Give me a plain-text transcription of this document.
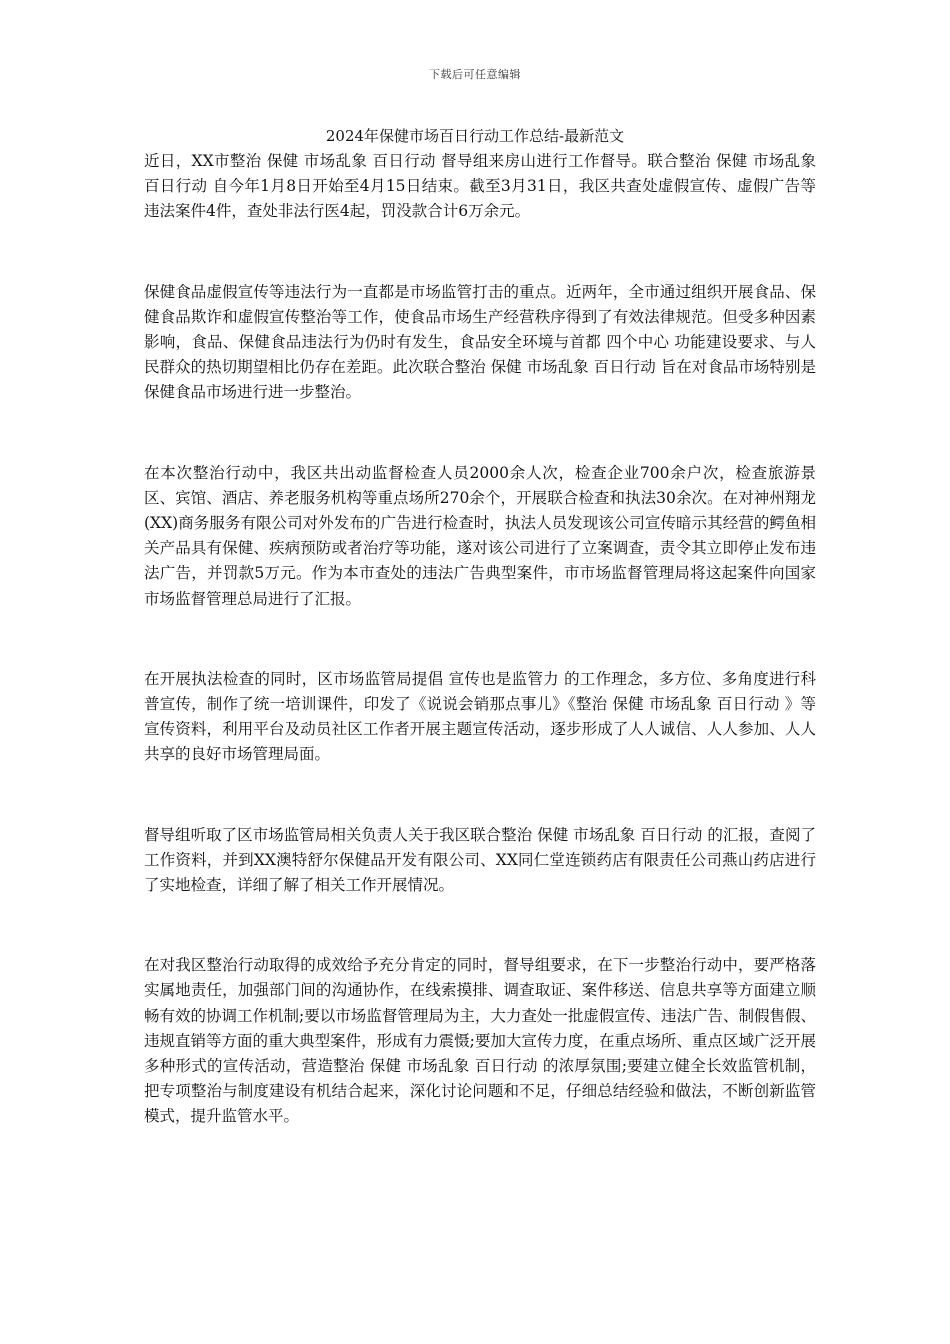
下载后可任意编辑
2024年保健市场百日行动工作总结-最新范文

近日，XX市整治 保健 市场乱象 百日行动 督导组来房山进行工作督导。联合整治 保健 市场乱象 百日行动 自今年1月8日开始至4月15日结束。截至3月31日，我区共查处虚假宣传、虚假广告等违法案件4件，查处非法行医4起，罚没款合计6万余元。

保健食品虚假宣传等违法行为一直都是市场监管打击的重点。近两年，全市通过组织开展食品、保健食品欺诈和虚假宣传整治等工作，使食品市场生产经营秩序得到了有效法律规范。但受多种因素影响，食品、保健食品违法行为仍时有发生，食品安全环境与首都 四个中心 功能建设要求、与人民群众的热切期望相比仍存在差距。此次联合整治 保健 市场乱象 百日行动 旨在对食品市场特别是保健食品市场进行进一步整治。

在本次整治行动中，我区共出动监督检查人员2000余人次，检查企业700余户次，检查旅游景区、宾馆、酒店、养老服务机构等重点场所270余个，开展联合检查和执法30余次。在对神州翔龙(XX)商务服务有限公司对外发布的广告进行检查时，执法人员发现该公司宣传暗示其经营的鳄鱼相关产品具有保健、疾病预防或者治疗等功能，遂对该公司进行了立案调查，责令其立即停止发布违法广告，并罚款5万元。作为本市查处的违法广告典型案件，市市场监督管理局将这起案件向国家市场监督管理总局进行了汇报。

在开展执法检查的同时，区市场监管局提倡 宣传也是监管力 的工作理念，多方位、多角度进行科普宣传，制作了统一培训课件，印发了《说说会销那点事儿》《整治 保健 市场乱象 百日行动 》等宣传资料，利用平台及动员社区工作者开展主题宣传活动，逐步形成了人人诚信、人人参加、人人共享的良好市场管理局面。

督导组听取了区市场监管局相关负责人关于我区联合整治 保健 市场乱象 百日行动 的汇报，查阅了工作资料，并到XX澳特舒尔保健品开发有限公司、XX同仁堂连锁药店有限责任公司燕山药店进行了实地检查，详细了解了相关工作开展情况。

在对我区整治行动取得的成效给予充分肯定的同时，督导组要求，在下一步整治行动中，要严格落实属地责任，加强部门间的沟通协作，在线索摸排、调查取证、案件移送、信息共享等方面建立顺畅有效的协调工作机制;要以市场监督管理局为主，大力查处一批虚假宣传、违法广告、制假售假、违规直销等方面的重大典型案件，形成有力震慑;要加大宣传力度，在重点场所、重点区域广泛开展多种形式的宣传活动，营造整治 保健 市场乱象 百日行动 的浓厚氛围;要建立健全长效监管机制，把专项整治与制度建设有机结合起来，深化讨论问题和不足，仔细总结经验和做法，不断创新监管模式，提升监管水平。
